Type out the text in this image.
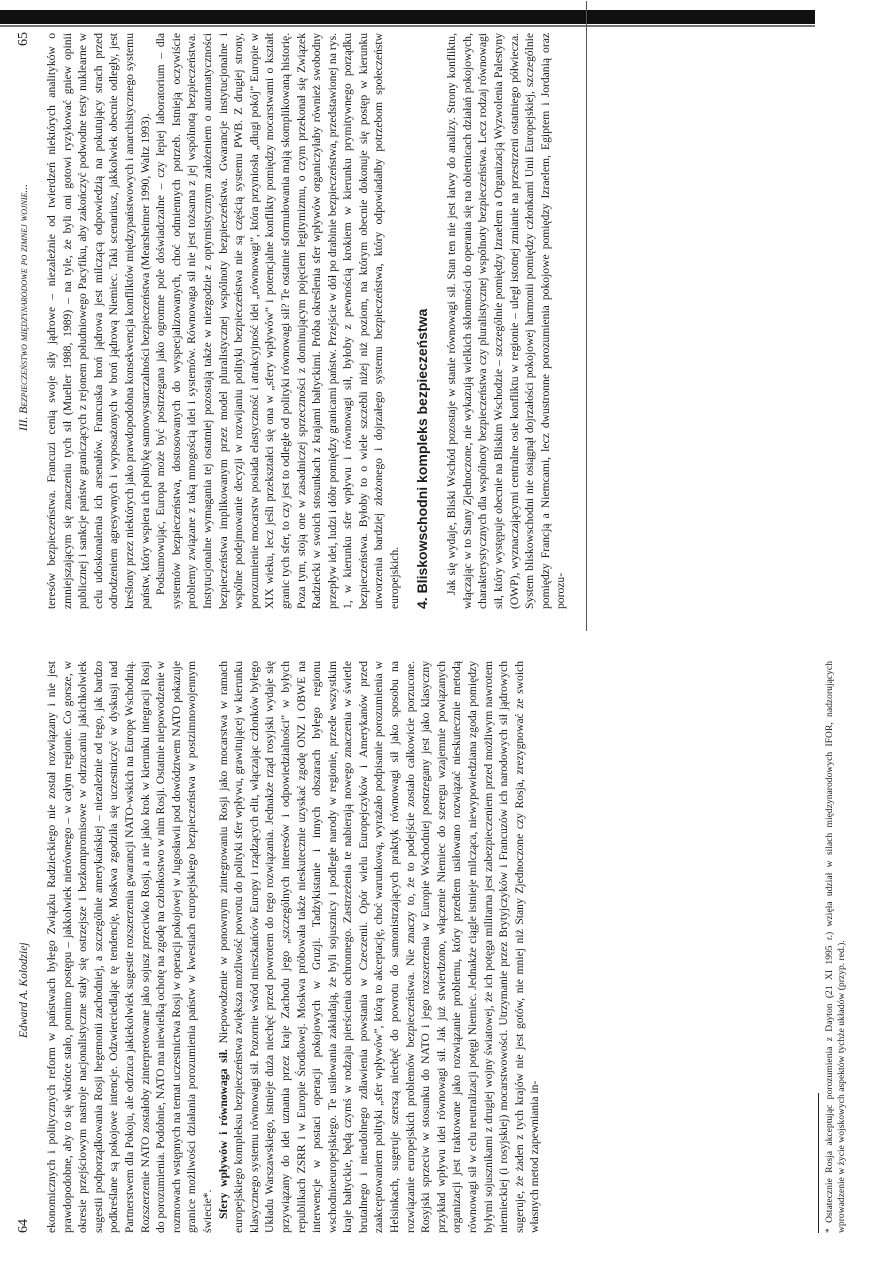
64
Edward A. Kolodziej ekonomicznych i politycznych reform w państwach byłego Związku Radzieckiego nie został rozwiązany i nie jest prawdopodobne, aby to się wkrótce stało, pomimo postępu – jakkolwiek nierównego – w całym regionie. Co gorsze, w okresie przejściowym nastroje nacjonalistyczne stały się ostrzejsze i bezkompromisowe w odrzucaniu jakichkolwiek sugestii podporządkowania Rosji hegemonii zachodniej, a szczególnie amerykańskiej – niezależnie od tego, jak bardzo podkreślane są pokojowe intencje. Odzwierciedlając tę tendencję, Moskwa zgodziła się uczestniczyć w dyskusji nad Partnerstwem dla Pokoju, ale odrzuca jakiekolwiek sugestie rozszerzenia gwarancji NATO-wskich na Europę Wschodnią. Rozszerzenie NATO zostałoby zinterpretowane jako sojusz przeciwko Rosji, a nie jako krok w kierunku integracji Rosji do porozumienia. Podobnie, NATO ma niewielką ochotę na zgodę na członkostwo w nim Rosji. Ostatnie niepowodzenie w rozmowach wstępnych na temat uczestnictwa Rosji w operacji pokojowej w Jugosławii pod dowództwem NATO pokazuje granice możliwości działania porozumienia państw w kwestiach europejskiego bezpieczeństwa w postzimnowojennym świecie*. Sfery wpływów i równowaga sił. Niepowodzenie w ponownym zintegrowaniu Rosji jako mocarstwa w ramach europejskiego kompleksu bezpieczeństwa zwiększa możliwość powrotu do polityki sfer wpływu, grawitującej w kierunku klasycznego systemu równowagi sił. Pozornie wśród mieszkańców Europy i rządzących elit, włączając członków byłego Układu Warszawskiego, istnieje duża niechęć przed powrotem do tego rozwiązania. Jednakże rząd rosyjski wydaje się przywiązany do idei uznania przez kraje Zachodu jego „szczególnych interesów i odpowiedzialności” w byłych republikach ZSRR i w Europie Środkowej. Moskwa próbowała także nieskutecznie uzyskać zgodę ONZ i OBWE na interwencje w postaci operacji pokojowych w Gruzji. Tadżykistanie i innych obszarach byłego regionu wschodnioeuropejskiego. Te usiłowania zakładają, że byli sojusznicy i podległe narody w regionie, przede wszystkim kraje bałtyckie, będą czymś w rodzaju pierścienia ochronnego. Zastrzeżenia te nabierają nowego znaczenia w świetle brutalnego i nieudolnego zdławienia powstania w Czeczenii. Opór wielu Europejczyków i Amerykanów przed zaakceptowaniem polityki „sfer wpływów”, którą to akceptację, choć warunkową, wyrażało podpisanie porozumienia w Helsinkach, sugeruje szerszą niechęć do powrotu do samonistrzających praktyk równowagi sił jako sposobu na rozwiązanie europejskich problemów bezpieczeństwa. Nie znaczy to, że to podejście zostało całkowicie porzucone. Rosyjski sprzeciw w stosunku do NATO i jego rozszerzenia w Europie Wschodniej postrzegany jest jako klasyczny przykład wpływu idei równowagi sił. Jak już stwierdzono, włączenie Niemiec do szeregu wzajemnie powiązanych organizacji jest traktowane jako rozwiązanie problemu, który przedtem usiłowano rozwiązać nieskutecznie metodą równowagi sił w celu neutralizacji potęgi Niemiec. Jednakże ciągle istnieje milcząca, niewypowiedziana zgoda pomiędzy byłymi sojusznikami z drugiej wojny światowej, że ich potęga militarna jest zabezpieczeniem przed możliwym nawrotem niemieckiej (i rosyjskiej) mocarstwowości. Utrzymanie przez Brytyjczyków i Francuzów ich narodowych sił jądrowych sugeruje, że żaden z tych krajów nie jest gotów, nie mniej niż Stany Zjednoczone czy Rosja, zrezygnować ze swoich własnych metod zapewniania in-	* Ostatecznie Rosja akceptując porozumienia z Dayton (21 XI 1995 r.) wzięła udział w silach międzynarodowych IFOR, nadzorujących wprowadzenie w życie wojskowych aspektów tychże układów (przyp. red.).
III. Bezpieczeństwo międzynarodowe po zimnej wojnie...
65 teresów bezpieczeństwa. Francuzi cenią swoje siły jądrowe – niezależnie od twierdzeń niektórych analityków o zmniejszającym się znaczeniu tych sił (Mueller 1988, 1989) – na tyle, że byli oni gotowi ryzykować gniew opinii publicznej i sankcje państw graniczących z rejonem południowego Pacyfiku, aby zakończyć podwodne testy nuklearne w celu udoskonalenia ich arsenałów. Francuska broń jądrowa jest milczącą odpowiedzią na pokutujący strach przed odrodzeniem agresywnych i wyposażonych w broń jądrową Niemiec. Taki scenariusz, jakkolwiek obecnie odległy, jest kreślony przez niektórych jako prawdopodobna konsekwencja konfliktów międzypaństwowych i anarchistycznego systemu państw, który wspiera ich politykę samowystarczalności bezpieczeństwa (Mearsheimer 1990, Waltz 1993). Podsumowując, Europa może być postrzegana jako ogromne pole doświadczalne – czy lepiej laboratorium – dla systemów bezpieczeństwa, dostosowanych do wyspecjalizowanych, choć odmiennych potrzeb. Istnieją oczywiście problemy związane z taką mnogością idei i systemów. Równowaga sił nie jest tożsama z jej wspólnotą bezpieczeństwa. Instytucjonalne wymagania tej ostatniej pozostają także w niezgodzie z optymistycznym założeniem o automatyczności bezpieczeństwa implikowanym przez model pluralistycznej wspólnoty bezpieczeństwa. Gwarancje instytucjonalne i wspólne podejmowanie decyzji w rozwijaniu polityki bezpieczeństwa nie są częścią systemu PWB. Z drugiej strony, porozumienie mocarstw posiada elastyczność i atrakcyjność idei „równowagi”, która przyniosła „długi pokój” Europie w XIX wieku, lecz jeśli przekształci się ona w „sfery wpływów” i potencjalne konflikty pomiędzy mocarstwami o kształt granic tych sfer, to czy jest to odległe od polityki równowagi sił? Te ostatnie sformułowania mają skomplikowaną historię. Poza tym, stoją one w zasadniczej sprzeczności z dominującym pojęciem legitymizmu, o czym przekonał się Związek Radziecki w swoich stosunkach z krajami bałtyckimi. Próba określenia sfer wpływów organiczyłaby również swobodny przepływ idei, ludzi i dóbr pomiędzy granicami państw. Przejście w dół po drabinie bezpieczeństwa, przedstawionej na rys. 1, w kierunku sfer wpływu i równowagi sił, byłoby z pewnością krokiem w kierunku prymitywnego porządku bezpieczeństwa. Byłoby to o wiele szczebli niżej niż poziom, na którym obecnie dokonuje się postęp w kierunku utworzenia bardziej złożonego i dojrzałego systemu bezpieczeństwa, który odpowiadałby potrzebom społeczeństw europejskich. 4. Bliskowschodni kompleks bezpieczeństwa Jak się wydaje, Bliski Wschód pozostaje w stanie równowagi sił. Stan ten nie jest łatwy do analizy. Strony konfliktu, włączając w to Stany Zjednoczone, nie wykazują wielkich skłonności do operania się na obietnicach działań pokojowych, charakterystycznych dla wspólnoty bezpieczeństwa czy pluralistycznej wspólnoty bezpieczeństwa. Lecz rodzaj równowagi sił, który występuje obecnie na Bliskim Wschodzie – szczególnie pomiędzy Izraelem a Organizacją Wyzwolenia Palestyny (OWP), wyznaczającymi centralne osie konfliktu w regionie – uległ istotnej zmianie na przestrzeni ostatniego półwiecza. System bliskowschodni nie osiągnął dojrzałości pokojowej harmonii pomiędzy członkami Unii Europejskiej, szczególnie pomiędzy Francją a Niemcami, lecz dwustronne porozumienia pokojowe pomiędzy Izraelem, Egiptem i Jordanią oraz porozu-
